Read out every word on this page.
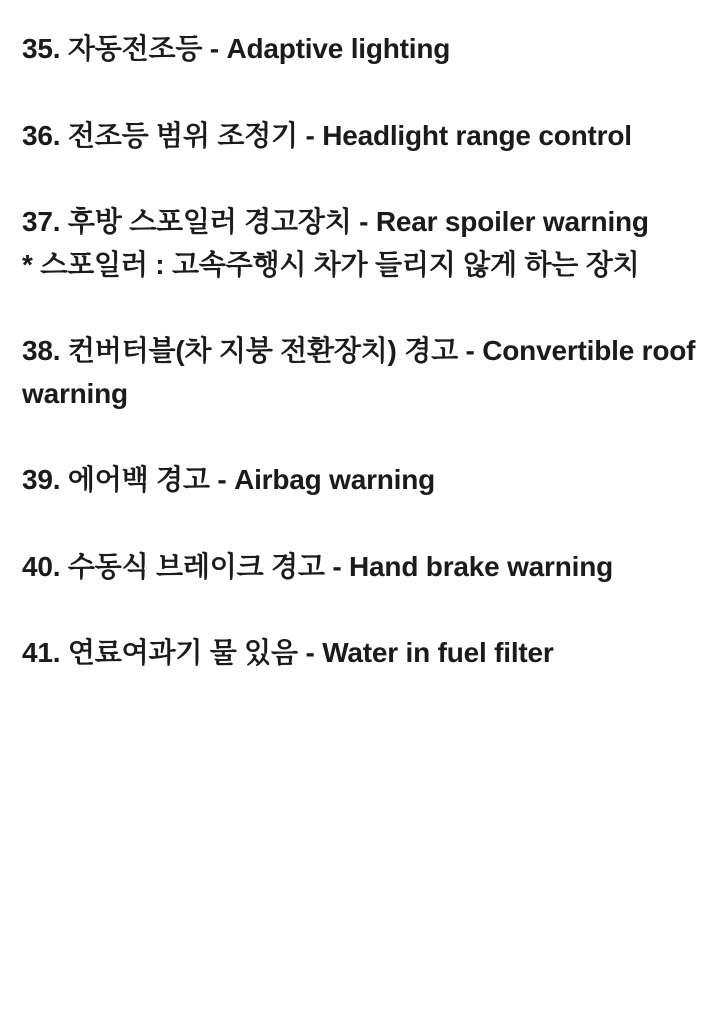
35. 자동전조등 - Adaptive lighting
36. 전조등 범위 조정기 - Headlight range control
37. 후방 스포일러 경고장치 - Rear spoiler warning
* 스포일러 : 고속주행시 차가 들리지 않게 하는 장치
38. 컨버터블(차 지붕 전환장치) 경고 - Convertible roof warning
39. 에어백 경고 - Airbag warning
40. 수동식 브레이크 경고 - Hand brake warning
41. 연료여과기 물 있음 - Water in fuel filter
